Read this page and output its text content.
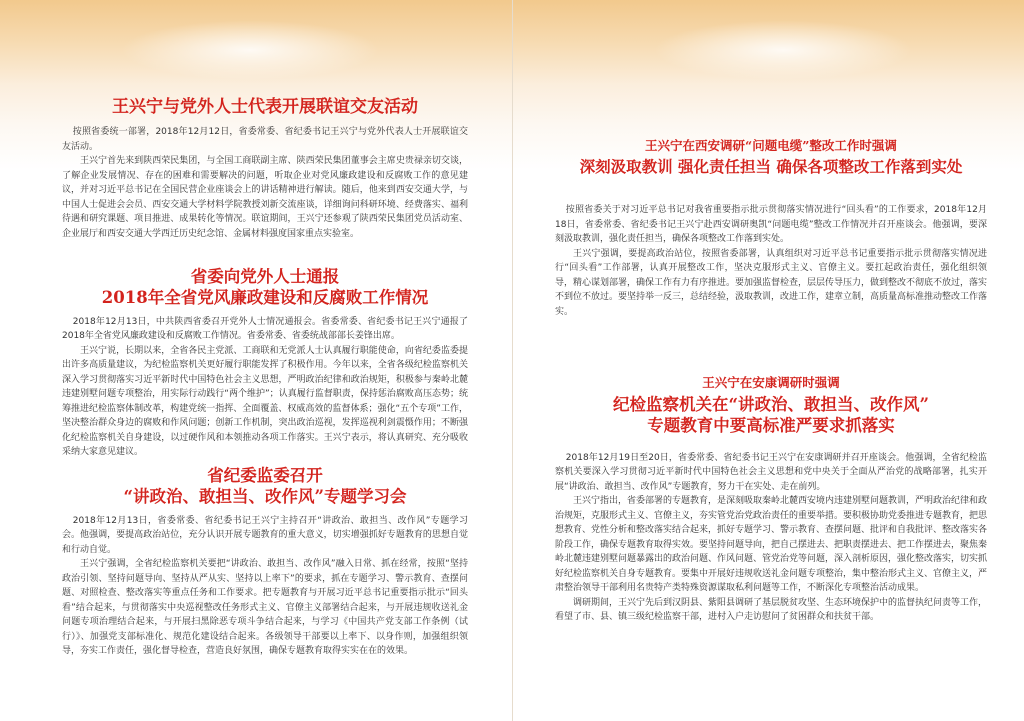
王兴宁与党外人士代表开展联谊交友活动

按照省委统一部署，2018年12月12日，省委常委、省纪委书记王兴宁与党外代表人士开展联谊交友活动。

王兴宁首先来到陕西荣民集团，与全国工商联副主席、陕西荣民集团董事会主席史贵禄亲切交谈，了解企业发展情况、存在的困难和需要解决的问题，听取企业对党风廉政建设和反腐败工作的意见建议，并对习近平总书记在全国民营企业座谈会上的讲话精神进行解读。随后，他来到西安交通大学，与中国人士促进会会员、西安交通大学材料学院教授刘新交流座谈，详细询问科研环境、经费落实、福利待遇和研究课题、项目推进、成果转化等情况。联谊期间，王兴宁还参观了陕西荣民集团党员活动室、企业展厅和西安交通大学西迁历史纪念馆、金属材料强度国家重点实验室。

省委向党外人士通报
2018年全省党风廉政建设和反腐败工作情况

2018年12月13日，中共陕西省委召开党外人士情况通报会。省委常委、省纪委书记王兴宁通报了2018年全省党风廉政建设和反腐败工作情况。省委常委、省委统战部部长姜锋出席。

王兴宁说，长期以来，全省各民主党派、工商联和无党派人士认真履行职能使命，向省纪委监委提出许多高质量建议，为纪检监察机关更好履行职能发挥了积极作用。今年以来，全省各级纪检监察机关深入学习贯彻落实习近平新时代中国特色社会主义思想，严明政治纪律和政治规矩，积极参与秦岭北麓违建别墅问题专项整治，用实际行动践行“两个维护”；认真履行监督职责，保持惩治腐败高压态势；统筹推进纪检监察体制改革，构建党统一指挥、全面覆盖、权威高效的监督体系；强化“五个专项”工作，坚决整治群众身边的腐败和作风问题；创新工作机制，突出政治巡视，发挥巡视利剑震慑作用；不断强化纪检监察机关自身建设，以过硬作风和本领推动各项工作落实。王兴宁表示，将认真研究、充分吸收采纳大家意见建议。

省纪委监委召开
“讲政治、敢担当、改作风”专题学习会

2018年12月13日，省委常委、省纪委书记王兴宁主持召开“讲政治、敢担当、改作风”专题学习会。他强调，要提高政治站位，充分认识开展专题教育的重大意义，切实增强抓好专题教育的思想自觉和行动自觉。

王兴宁强调，全省纪检监察机关要把“讲政治、敢担当、改作风”融入日常、抓在经常，按照“坚持政治引领、坚持问题导向、坚持从严从实、坚持以上率下”的要求，抓在专题学习、警示教育、查摆问题、对照检查、整改落实等重点任务和工作要求。把专题教育与开展习近平总书记重要指示批示“回头看”结合起来，与贯彻落实中央巡视整改任务形式主义、官僚主义部署结合起来，与开展违规收送礼金问题专项治理结合起来，与开展扫黑除恶专项斗争结合起来，与学习《中国共产党支部工作条例（试行）》、加强党支部标准化、规范化建设结合起来。各级领导干部要以上率下、以身作则，加强组织领导，夯实工作责任，强化督导检查，营造良好氛围，确保专题教育取得实实在在的效果。

王兴宁在西安调研“问题电缆”整改工作时强调
深刻汲取教训 强化责任担当 确保各项整改工作落到实处

按照省委关于对习近平总书记对我省重要指示批示贯彻落实情况进行“回头看”的工作要求，2018年12月18日，省委常委、省纪委书记王兴宁赴西安调研奥凯“问题电缆”整改工作情况并召开座谈会。他强调，要深刻汲取教训，强化责任担当，确保各项整改工作落到实处。

王兴宁强调，要提高政治站位，按照省委部署，认真组织对习近平总书记重要指示批示贯彻落实情况进行“回头看”工作部署，认真开展整改工作，坚决克服形式主义、官僚主义。要扛起政治责任，强化组织领导，精心谋划部署，确保工作有力有序推进。要加强监督检查，层层传导压力，做到整改不彻底不放过，落实不到位不放过。要坚持举一反三，总结经验，汲取教训，改进工作，建章立制，高质量高标准推动整改工作落实。

王兴宁在安康调研时强调
纪检监察机关在“讲政治、敢担当、改作风”
专题教育中要高标准严要求抓落实

2018年12月19日至20日，省委常委、省纪委书记王兴宁在安康调研并召开座谈会。他强调，全省纪检监察机关要深入学习贯彻习近平新时代中国特色社会主义思想和党中央关于全面从严治党的战略部署，扎实开展“讲政治、敢担当、改作风”专题教育，努力干在实处、走在前列。

王兴宁指出，省委部署的专题教育，是深刻吸取秦岭北麓西安境内违建别墅问题教训，严明政治纪律和政治规矩，克服形式主义、官僚主义，夯实管党治党政治责任的重要举措。要积极协助党委推进专题教育，把思想教育、党性分析和整改落实结合起来，抓好专题学习、警示教育、查摆问题、批评和自我批评、整改落实各阶段工作，确保专题教育取得实效。要坚持问题导向，把自己摆进去、把职责摆进去、把工作摆进去，聚焦秦岭北麓违建别墅问题暴露出的政治问题、作风问题、管党治党等问题，深入剖析原因，强化整改落实，切实抓好纪检监察机关自身专题教育。要集中开展好违规收送礼金问题专项整治，集中整治形式主义、官僚主义，严肃整治领导干部利用名贵特产类特殊资源谋取私利问题等工作，不断深化专项整治活动成果。

调研期间，王兴宁先后到汉阴县、紫阳县调研了基层脱贫攻坚、生态环境保护中的监督执纪问责等工作，看望了市、县、镇三级纪检监察干部，进村入户走访慰问了贫困群众和扶贫干部。
